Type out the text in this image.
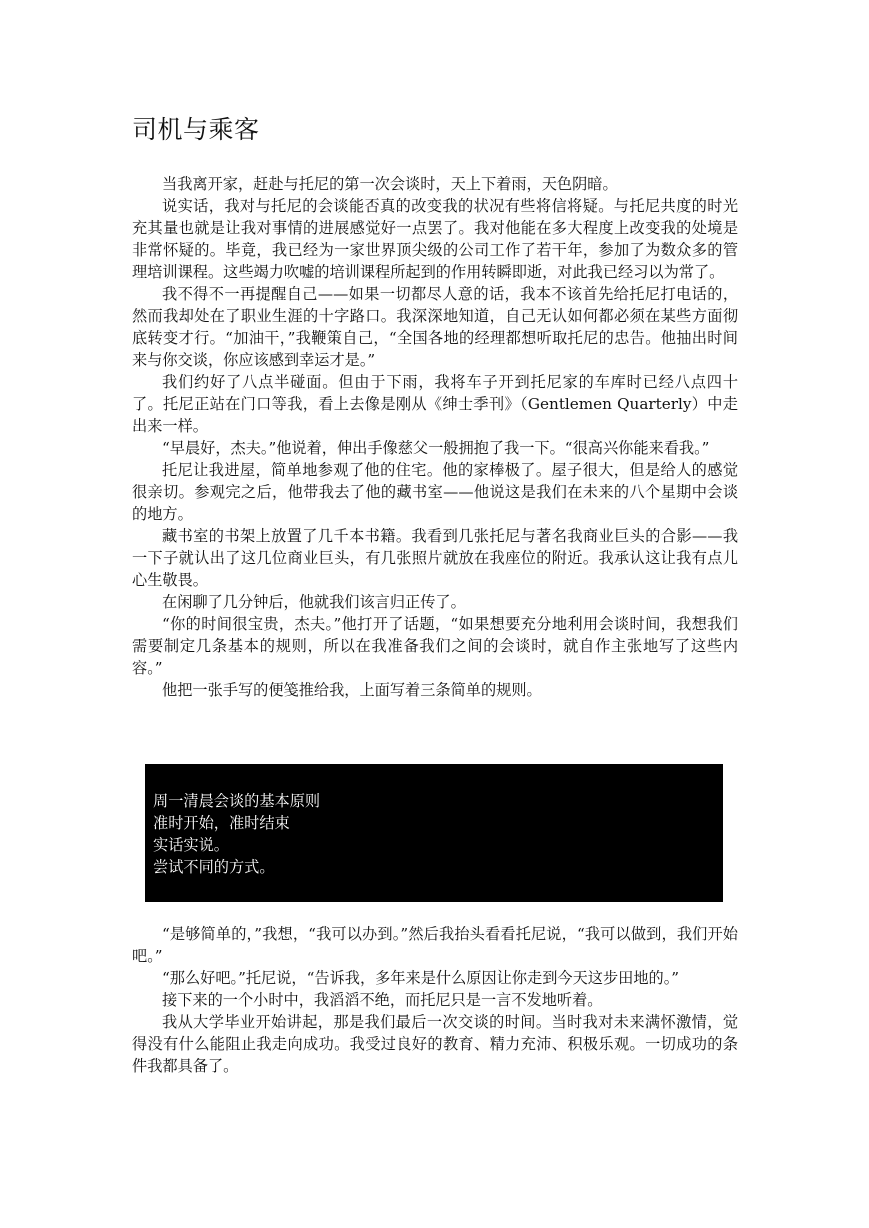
司机与乘客

当我离开家，赶赴与托尼的第一次会谈时，天上下着雨，天色阴暗。

说实话，我对与托尼的会谈能否真的改变我的状况有些将信将疑。与托尼共度的时光充其量也就是让我对事情的进展感觉好一点罢了。我对他能在多大程度上改变我的处境是非常怀疑的。毕竟，我已经为一家世界顶尖级的公司工作了若干年，参加了为数众多的管理培训课程。这些竭力吹嘘的培训课程所起到的作用转瞬即逝，对此我已经习以为常了。

我不得不一再提醒自己——如果一切都尽人意的话，我本不该首先给托尼打电话的，然而我却处在了职业生涯的十字路口。我深深地知道，自己无认如何都必须在某些方面彻底转变才行。“加油干，”我鞭策自己，“全国各地的经理都想听取托尼的忠告。他抽出时间来与你交谈，你应该感到幸运才是。”

我们约好了八点半碰面。但由于下雨，我将车子开到托尼家的车库时已经八点四十了。托尼正站在门口等我，看上去像是刚从《绅士季刊》（Gentlemen Quarterly）中走出来一样。

“早晨好，杰夫。”他说着，伸出手像慈父一般拥抱了我一下。“很高兴你能来看我。”

托尼让我进屋，简单地参观了他的住宅。他的家棒极了。屋子很大，但是给人的感觉很亲切。参观完之后，他带我去了他的藏书室——他说这是我们在未来的八个星期中会谈的地方。

藏书室的书架上放置了几千本书籍。我看到几张托尼与著名我商业巨头的合影——我一下子就认出了这几位商业巨头，有几张照片就放在我座位的附近。我承认这让我有点儿心生敬畏。

在闲聊了几分钟后，他就我们该言归正传了。

“你的时间很宝贵，杰夫。”他打开了话题，“如果想要充分地利用会谈时间，我想我们需要制定几条基本的规则，所以在我准备我们之间的会谈时，就自作主张地写了这些内容。”

他把一张手写的便笺推给我，上面写着三条简单的规则。

周一清晨会谈的基本原则

准时开始，准时结束

实话实说。

尝试不同的方式。

“是够简单的，”我想，“我可以办到。”然后我抬头看看托尼说，“我可以做到，我们开始吧。”

“那么好吧。”托尼说，“告诉我，多年来是什么原因让你走到今天这步田地的。”

接下来的一个小时中，我滔滔不绝，而托尼只是一言不发地听着。

我从大学毕业开始讲起，那是我们最后一次交谈的时间。当时我对未来满怀激情，觉得没有什么能阻止我走向成功。我受过良好的教育、精力充沛、积极乐观。一切成功的条件我都具备了。
